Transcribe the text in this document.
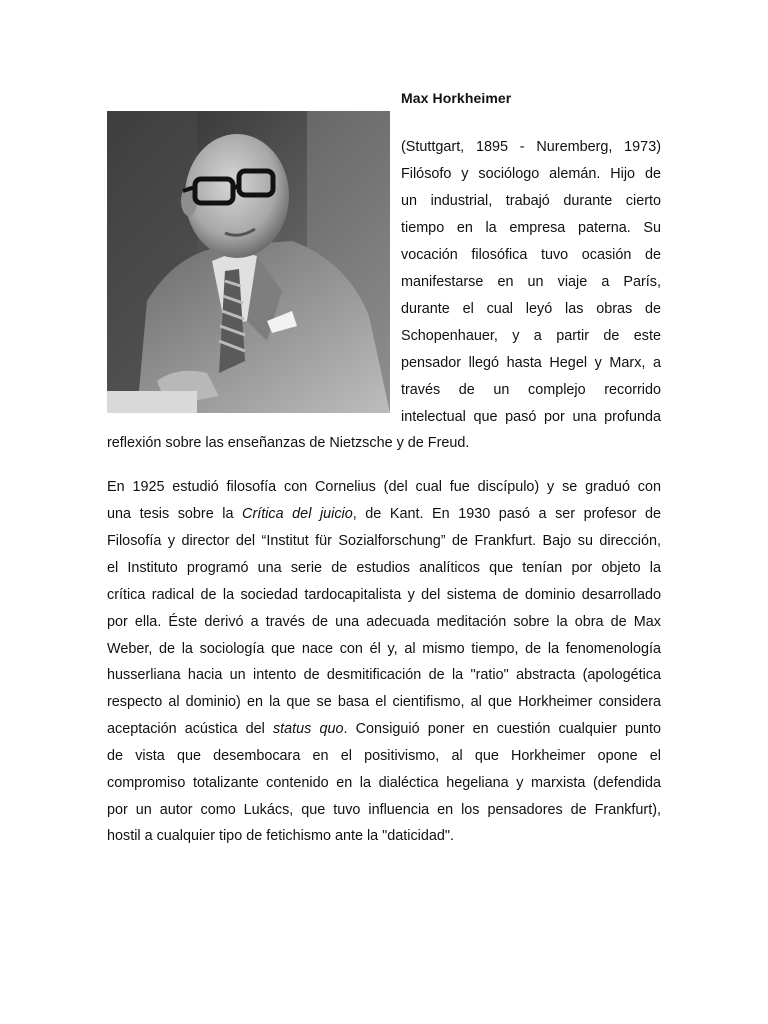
Max Horkheimer
(Stuttgart, 1895 - Nuremberg, 1973)
Filósofo y sociólogo alemán. Hijo de
un industrial, trabajó durante cierto
tiempo en la empresa paterna. Su
vocación filosófica tuvo ocasión de
manifestarse en un viaje a París,
durante el cual leyó las obras de
Schopenhauer, y a partir de este
pensador llegó hasta Hegel y Marx, a
través de un complejo recorrido
intelectual que pasó por una profunda
reflexión sobre las enseñanzas de Nietzsche y de Freud.
En 1925 estudió filosofía con Cornelius (del cual fue discípulo) y se graduó con
una tesis sobre la Crítica del juicio, de Kant. En 1930 pasó a ser profesor de
Filosofía y director del “Institut für Sozialforschung” de Frankfurt. Bajo su dirección,
el Instituto programó una serie de estudios analíticos que tenían por objeto la
crítica radical de la sociedad tardocapitalista y del sistema de dominio desarrollado
por ella. Éste derivó a través de una adecuada meditación sobre la obra de Max
Weber, de la sociología que nace con él y, al mismo tiempo, de la fenomenología
husserliana hacia un intento de desmitificación de la "ratio" abstracta (apologética
respecto al dominio) en la que se basa el cientifismo, al que Horkheimer considera
aceptación acústica del status quo. Consiguió poner en cuestión cualquier punto
de vista que desembocara en el positivismo, al que Horkheimer opone el
compromiso totalizante contenido en la dialéctica hegeliana y marxista (defendida
por un autor como Lukács, que tuvo influencia en los pensadores de Frankfurt),
hostil a cualquier tipo de fetichismo ante la "daticidad".
